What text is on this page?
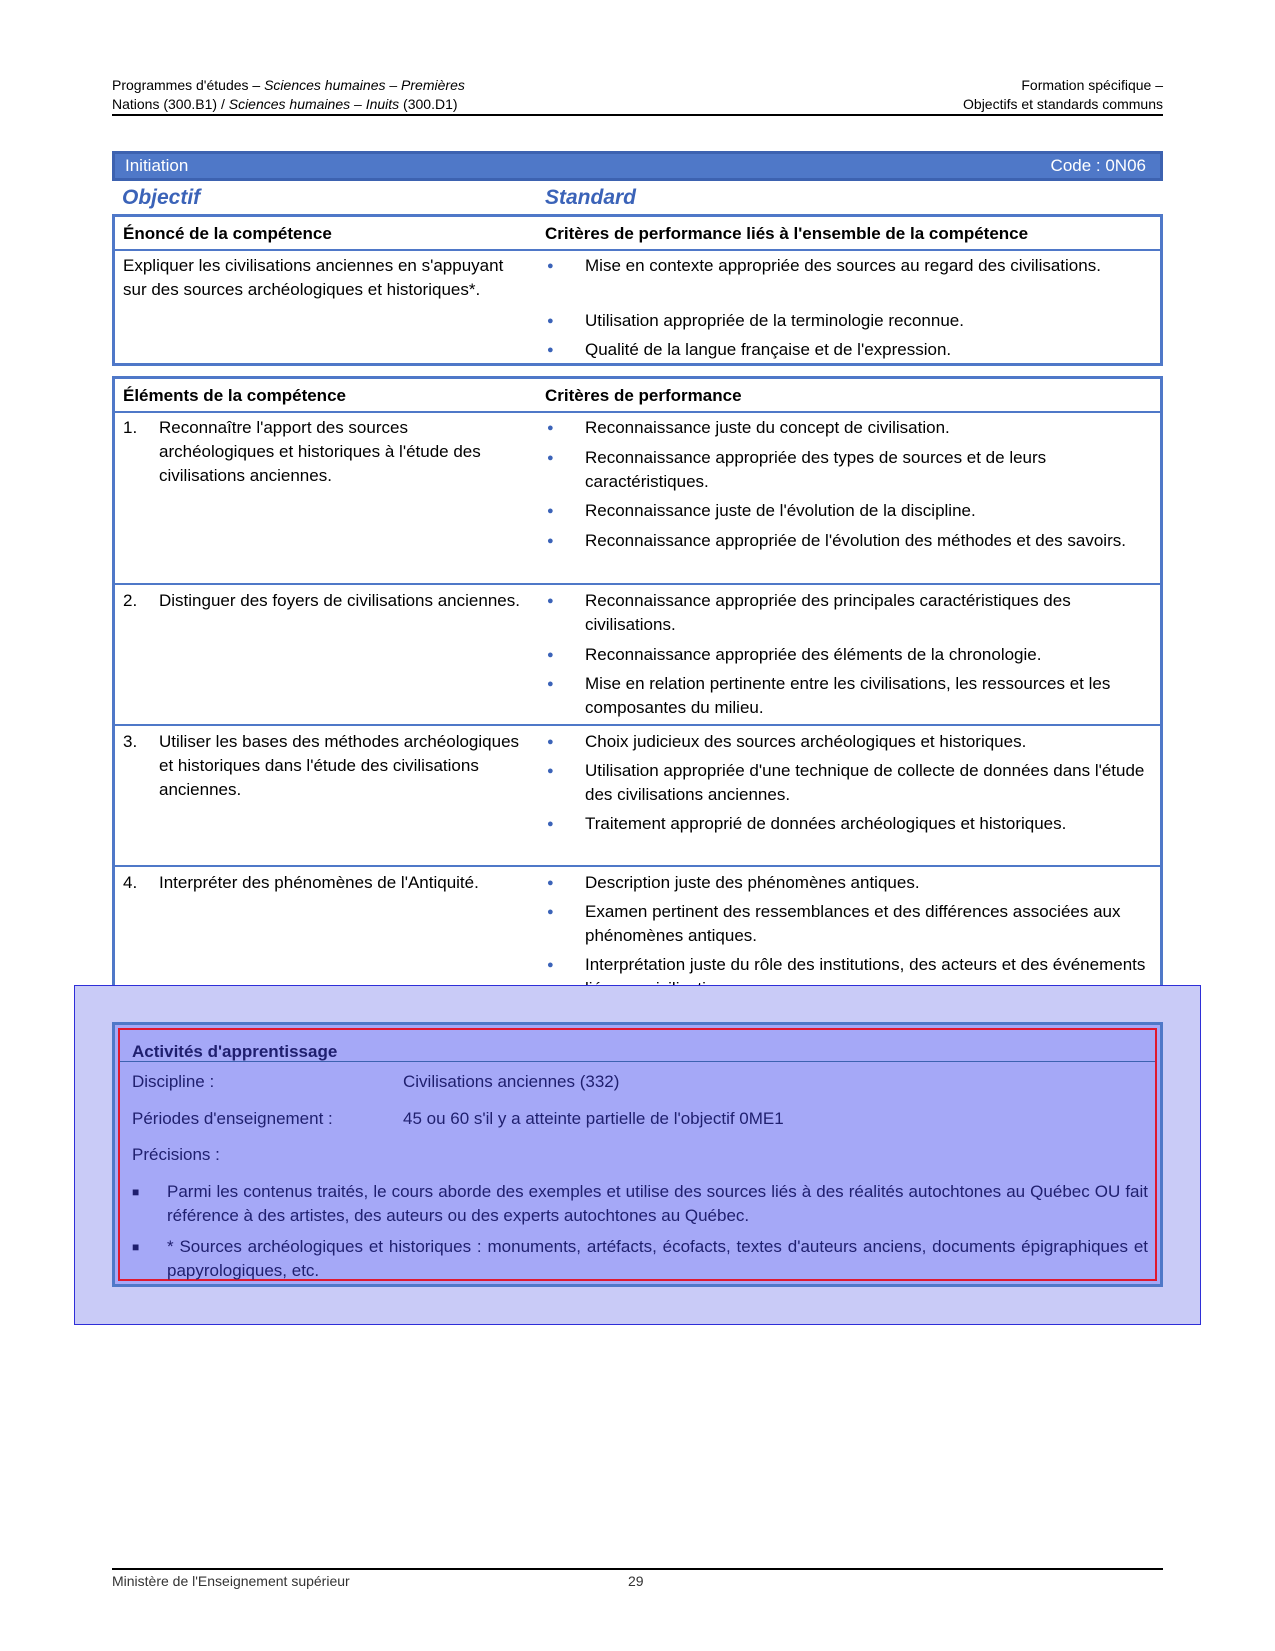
Programmes d'études – Sciences humaines – Premières
Nations (300.B1) / Sciences humaines – Inuits (300.D1)
Formation spécifique –
Objectifs et standards communs
Initiation	Code : 0N06
Objectif	Standard
Énoncé de la compétence	Critères de performance liés à l'ensemble de la compétence
Expliquer les civilisations anciennes en s'appuyant sur des sources archéologiques et historiques*.
● Mise en contexte appropriée des sources au regard des civilisations.
● Utilisation appropriée de la terminologie reconnue.
● Qualité de la langue française et de l'expression.
Éléments de la compétence	Critères de performance
1. Reconnaître l'apport des sources archéologiques et historiques à l'étude des civilisations anciennes.
● Reconnaissance juste du concept de civilisation.
● Reconnaissance appropriée des types de sources et de leurs caractéristiques.
● Reconnaissance juste de l'évolution de la discipline.
● Reconnaissance appropriée de l'évolution des méthodes et des savoirs.
2. Distinguer des foyers de civilisations anciennes.	● Reconnaissance appropriée des principales caractéristiques des civilisations.
● Reconnaissance appropriée des éléments de la chronologie.
● Mise en relation pertinente entre les civilisations, les ressources et les composantes du milieu.
3. Utiliser les bases des méthodes archéologiques et historiques dans l'étude des civilisations anciennes.
● Choix judicieux des sources archéologiques et historiques.
● Utilisation appropriée d'une technique de collecte de données dans l'étude des civilisations anciennes.
● Traitement approprié de données archéologiques et historiques.
4. Interpréter des phénomènes de l'Antiquité.	● Description juste des phénomènes antiques.
● Examen pertinent des ressemblances et des différences associées aux phénomènes antiques.
● Interprétation juste du rôle des institutions, des acteurs et des événements
Activités d'apprentissage
Discipline :	Civilisations anciennes (332)
Périodes d'enseignement :	45 ou 60 s'il y a atteinte partielle de l'objectif 0ME1
Précisions :
■ Parmi les contenus traités, le cours aborde des exemples et utilise des sources liés à des réalités autochtones au Québec OU fait référence à des artistes, des auteurs ou des experts autochtones au Québec.
■ * Sources archéologiques et historiques : monuments, artéfacts, écofacts, textes d'auteurs anciens, documents épigraphiques et papyrologiques, etc.
Ministère de l'Enseignement supérieur	29
